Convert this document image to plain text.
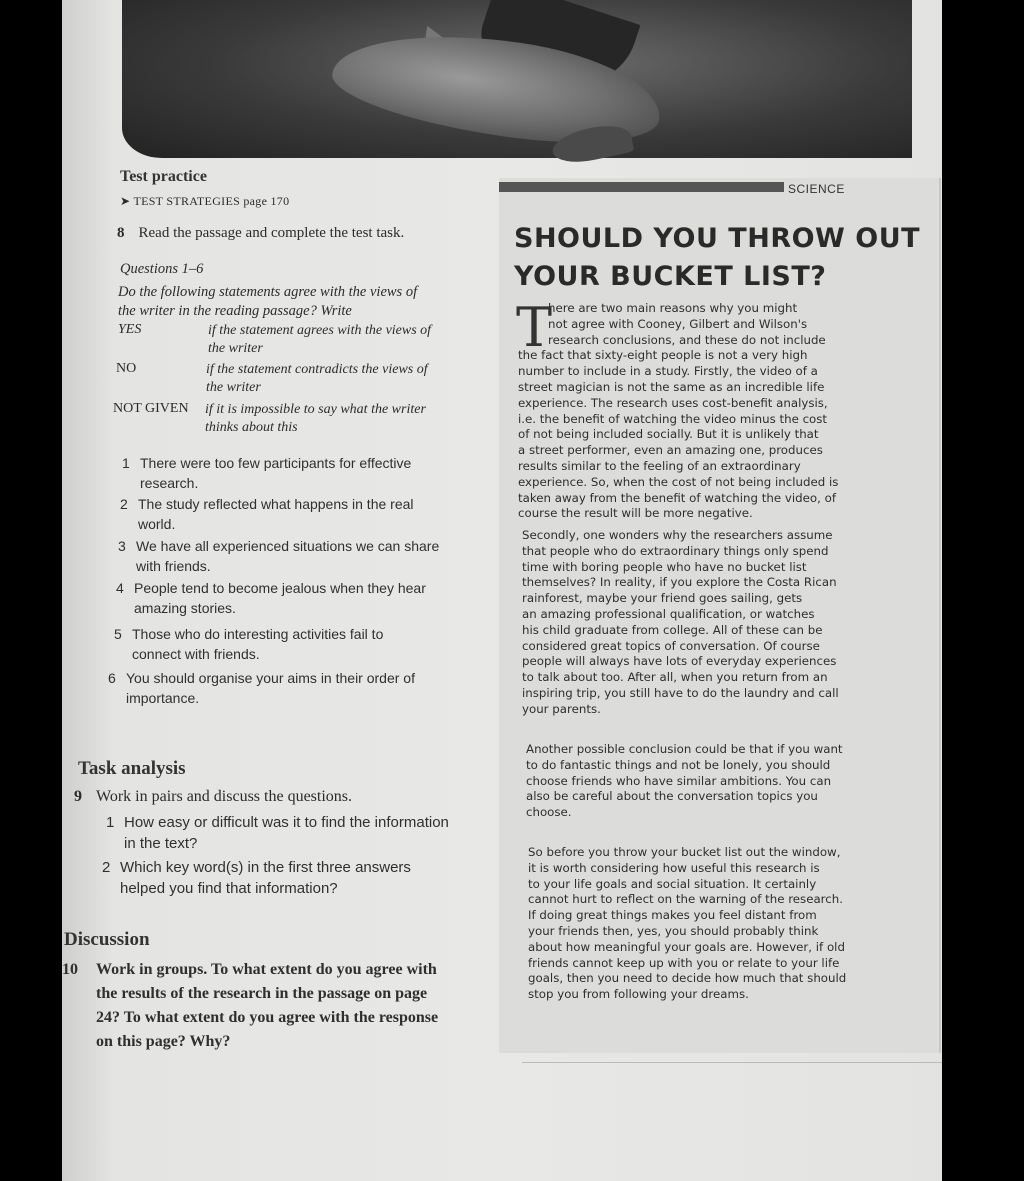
Test practice
➤ TEST STRATEGIES page 170
8 Read the passage and complete the test task.
Questions 1–6
Do the following statements agree with the views of
the writer in the reading passage? Write
YES	if the statement agrees with the views of
the writer
NO	if the statement contradicts the views of
the writer
NOT GIVEN if it is impossible to say what the writer
thinks about this
1 There were too few participants for effective
research.
2 The study reflected what happens in the real
world.
3 We have all experienced situations we can share
with friends.
4 People tend to become jealous when they hear
amazing stories.
5 Those who do interesting activities fail to
connect with friends.
6 You should organise your aims in their order of
importance.
Task analysis
9 Work in pairs and discuss the questions.
1 How easy or difficult was it to find the information
in the text?
2 Which key word(s) in the first three answers
helped you find that information?
Discussion
10 Work in groups. To what extent do you agree with
the results of the research in the passage on page
24? To what extent do you agree with the response
on this page? Why?
SCIENCE
SHOULD YOU THROW OUT
YOUR BUCKET LIST?
T
here are two main reasons why you might
not agree with Cooney, Gilbert and Wilson's
research conclusions, and these do not include
the fact that sixty-eight people is not a very high
number to include in a study. Firstly, the video of a
street magician is not the same as an incredible life
experience. The research uses cost-benefit analysis,
i.e. the benefit of watching the video minus the cost
of not being included socially. But it is unlikely that
a street performer, even an amazing one, produces
results similar to the feeling of an extraordinary
experience. So, when the cost of not being included is
taken away from the benefit of watching the video, of
course the result will be more negative.
Secondly, one wonders why the researchers assume
that people who do extraordinary things only spend
time with boring people who have no bucket list
themselves? In reality, if you explore the Costa Rican
rainforest, maybe your friend goes sailing, gets
an amazing professional qualification, or watches
his child graduate from college. All of these can be
considered great topics of conversation. Of course
people will always have lots of everyday experiences
to talk about too. After all, when you return from an
inspiring trip, you still have to do the laundry and call
your parents.
Another possible conclusion could be that if you want
to do fantastic things and not be lonely, you should
choose friends who have similar ambitions. You can
also be careful about the conversation topics you
choose.
So before you throw your bucket list out the window,
it is worth considering how useful this research is
to your life goals and social situation. It certainly
cannot hurt to reflect on the warning of the research.
If doing great things makes you feel distant from
your friends then, yes, you should probably think
about how meaningful your goals are. However, if old
friends cannot keep up with you or relate to your life
goals, then you need to decide how much that should
stop you from following your dreams.
